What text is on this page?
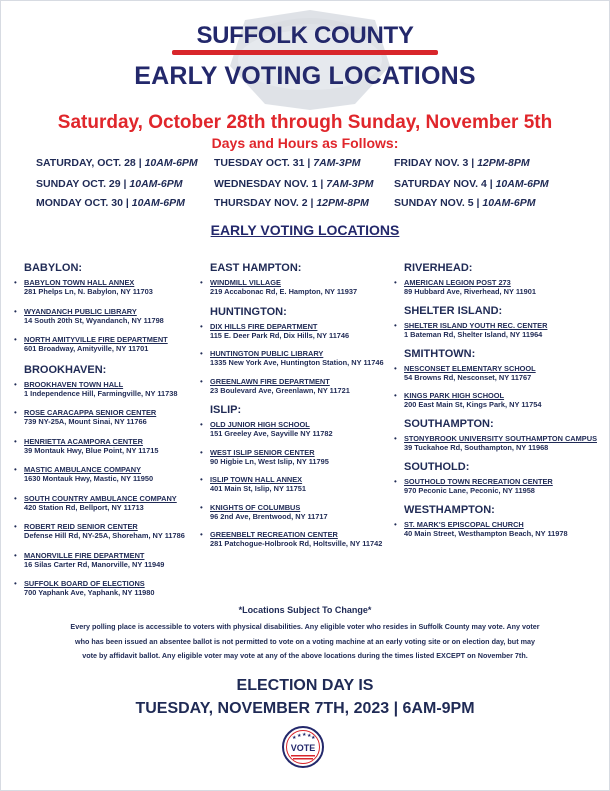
SUFFOLK COUNTY
EARLY VOTING LOCATIONS
Saturday, October 28th through Sunday, November 5th
Days and Hours as Follows:
SATURDAY, OCT. 28 | 10AM-6PM TUESDAY OCT. 31 | 7AM-3PM	FRIDAY NOV. 3 | 12PM-8PM
SUNDAY OCT. 29 | 10AM-6PM	WEDNESDAY NOV. 1 | 7AM-3PM SATURDAY NOV. 4 | 10AM-6PM
MONDAY OCT. 30 | 10AM-6PM	THURSDAY NOV. 2 | 12PM-8PM SUNDAY NOV. 5 | 10AM-6PM
EARLY VOTING LOCATIONS
BABYLON:
• BABYLON TOWN HALL ANNEX
281 Phelps Ln, N. Babylon, NY 11703
• WYANDANCH PUBLIC LIBRARY
14 South 20th St, Wyandanch, NY 11798
• NORTH AMITYVILLE FIRE DEPARTMENT
601 Broadway, Amityville, NY 11701
BROOKHAVEN:
• BROOKHAVEN TOWN HALL
1 Independence Hill, Farmingville, NY 11738
• ROSE CARACAPPA SENIOR CENTER
739 NY-25A, Mount Sinai, NY 11766
• HENRIETTA ACAMPORA CENTER
39 Montauk Hwy, Blue Point, NY 11715
• MASTIC AMBULANCE COMPANY
1630 Montauk Hwy, Mastic, NY 11950
• SOUTH COUNTRY AMBULANCE COMPANY
420 Station Rd, Bellport, NY 11713
• ROBERT REID SENIOR CENTER
Defense Hill Rd, NY-25A, Shoreham, NY 11786
• MANORVILLE FIRE DEPARTMENT
16 Silas Carter Rd, Manorville, NY 11949
• SUFFOLK BOARD OF ELECTIONS
700 Yaphank Ave, Yaphank, NY 11980
EAST HAMPTON:
• WINDMILL VILLAGE
219 Accabonac Rd, E. Hampton, NY 11937
HUNTINGTON:
• DIX HILLS FIRE DEPARTMENT
115 E. Deer Park Rd, Dix Hills, NY 11746
• HUNTINGTON PUBLIC LIBRARY
1335 New York Ave, Huntington Station, NY 11746
• GREENLAWN FIRE DEPARTMENT
23 Boulevard Ave, Greenlawn, NY 11721
ISLIP:
• OLD JUNIOR HIGH SCHOOL
151 Greeley Ave, Sayville NY 11782
• WEST ISLIP SENIOR CENTER
90 Higbie Ln, West Islip, NY 11795
• ISLIP TOWN HALL ANNEX
401 Main St, Islip, NY 11751
• KNIGHTS OF COLUMBUS
96 2nd Ave, Brentwood, NY 11717
• GREENBELT RECREATION CENTER
281 Patchogue-Holbrook Rd, Holtsville, NY 11742
RIVERHEAD:
• AMERICAN LEGION POST 273
89 Hubbard Ave, Riverhead, NY 11901
SHELTER ISLAND:
• SHELTER ISLAND YOUTH REC. CENTER
1 Bateman Rd, Shelter Island, NY 11964
SMITHTOWN:
• NESCONSET ELEMENTARY SCHOOL
54 Browns Rd, Nesconset, NY 11767
• KINGS PARK HIGH SCHOOL
200 East Main St, Kings Park, NY 11754
SOUTHAMPTON:
• STONYBROOK UNIVERSITY SOUTHAMPTON CAMPUS
39 Tuckahoe Rd, Southampton, NY 11968
SOUTHOLD:
• SOUTHOLD TOWN RECREATION CENTER
970 Peconic Lane, Peconic, NY 11958
WESTHAMPTON:
• ST. MARK'S EPISCOPAL CHURCH
40 Main Street, Westhampton Beach, NY 11978
*Locations Subject To Change*
Every polling place is accessible to voters with physical disabilities. Any eligible voter who resides in Suffolk County may vote. Any voter
who has been issued an absentee ballot is not permitted to vote on a voting machine at an early voting site or on election day, but may
vote by affidavit ballot. Any eligible voter may vote at any of the above locations during the times listed EXCEPT on November 7th.
ELECTION DAY IS
TUESDAY, NOVEMBER 7TH, 2023 | 6AM-9PM
★ ★ ★ ★ ★
VOTE
